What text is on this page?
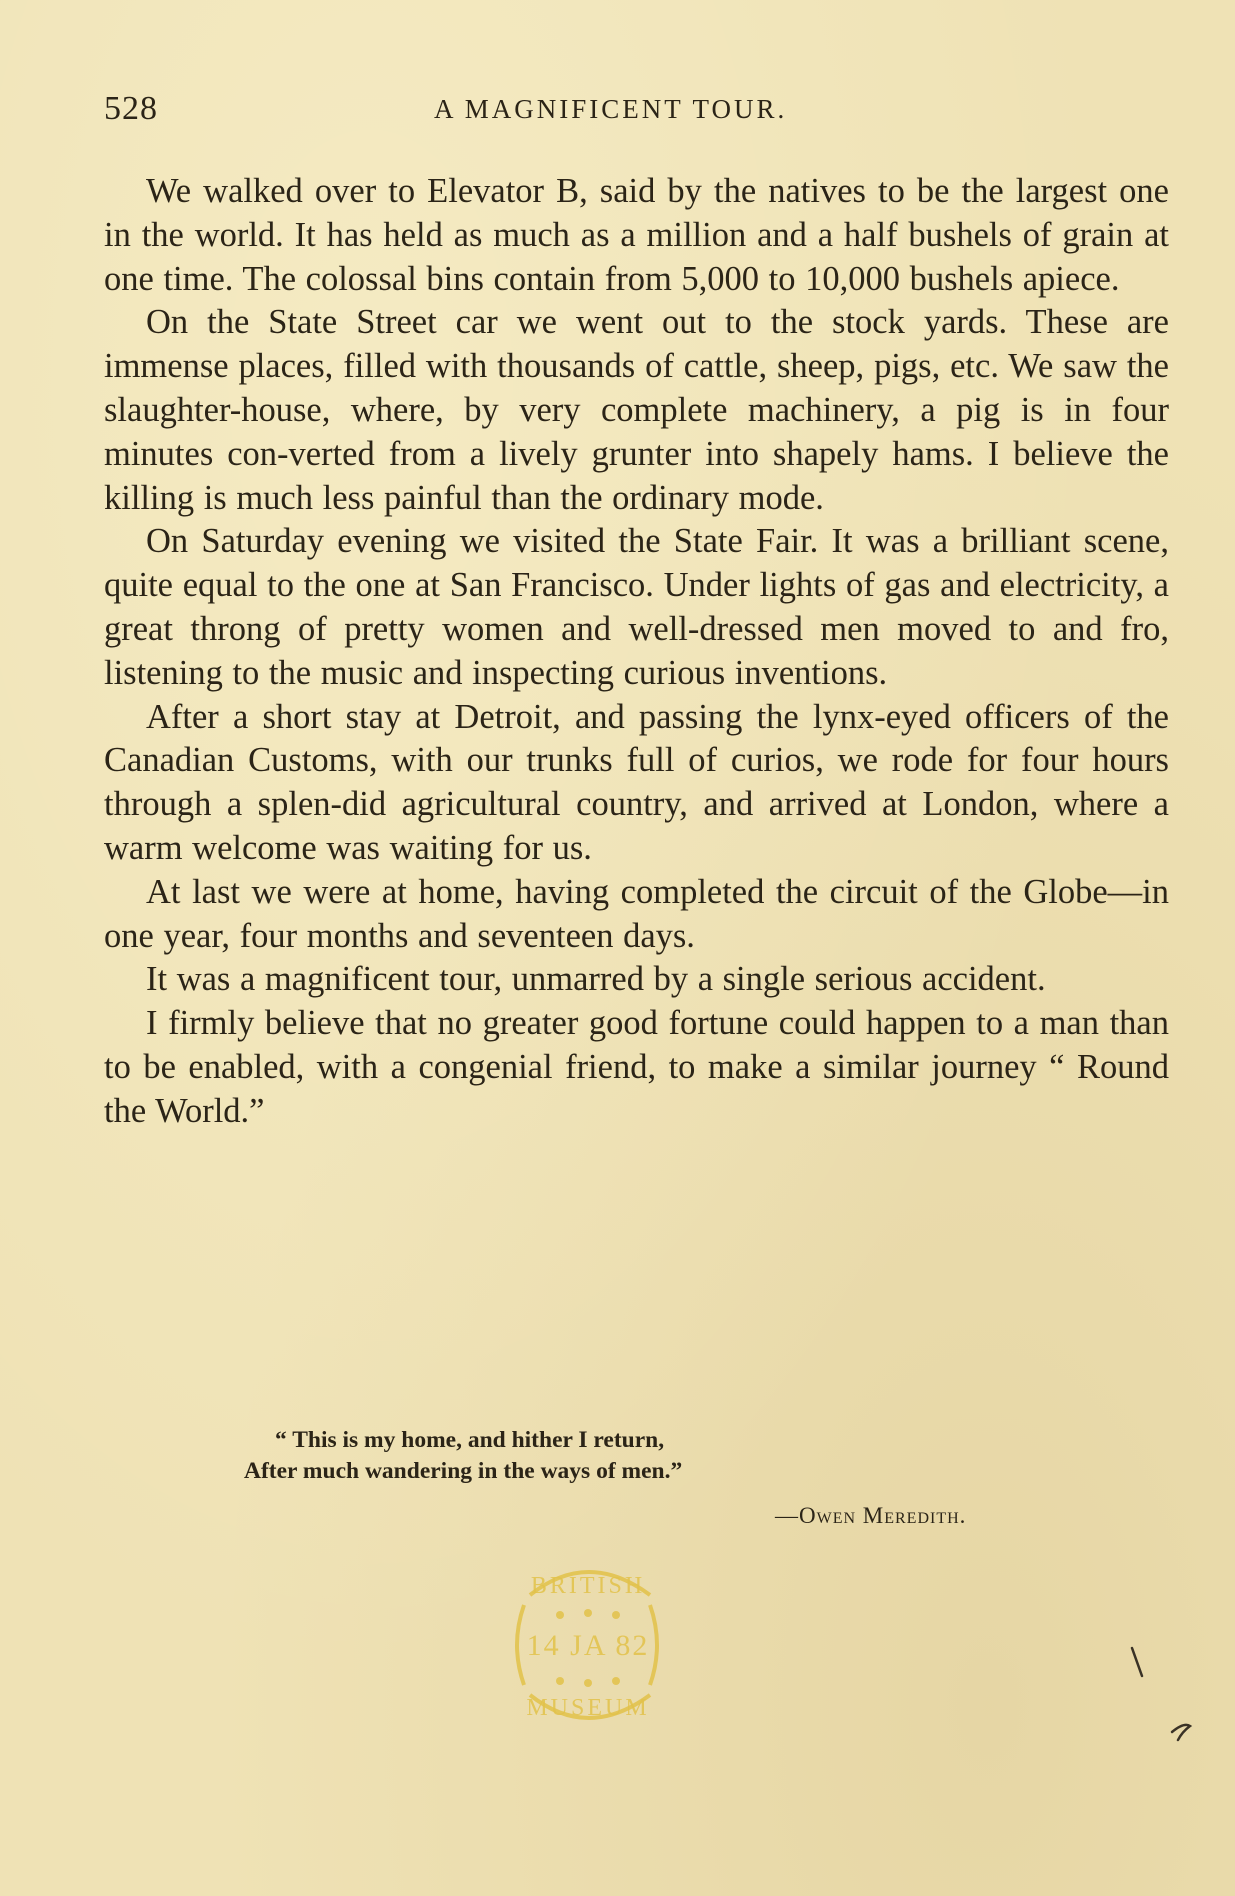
528	A MAGNIFICENT TOUR.

We walked over to Elevator B, said by the natives to be the largest one in the world. It has held as much as a million and a half bushels of grain at one time. The colossal bins contain from 5,000 to 10,000 bushels apiece.

On the State Street car we went out to the stock yards. These are immense places, filled with thousands of cattle, sheep, pigs, etc. We saw the slaughter-house, where, by very complete machinery, a pig is in four minutes con-verted from a lively grunter into shapely hams. I believe the killing is much less painful than the ordinary mode.

On Saturday evening we visited the State Fair. It was a brilliant scene, quite equal to the one at San Francisco. Under lights of gas and electricity, a great throng of pretty women and well-dressed men moved to and fro, listening to the music and inspecting curious inventions.

After a short stay at Detroit, and passing the lynx-eyed officers of the Canadian Customs, with our trunks full of curios, we rode for four hours through a splen-did agricultural country, and arrived at London, where a warm welcome was waiting for us.

At last we were at home, having completed the circuit of the Globe—in one year, four months and seventeen days.

It was a magnificent tour, unmarred by a single serious accident.

I firmly believe that no greater good fortune could happen to a man than to be enabled, with a congenial friend, to make a similar journey “ Round the World.”

“ This is my home, and hither I return,
After much wandering in the ways of men.”
—Owen Meredith.
BRITISH
14 JA 82
MUSEUM
